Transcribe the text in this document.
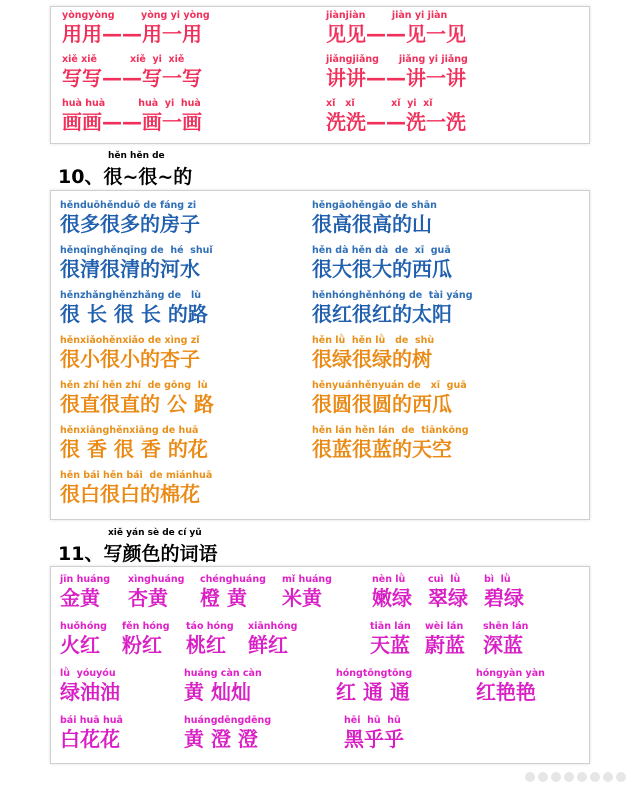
hěn hěn de
10、很~很~的
xiě yán sè de cí yǔ
11、写颜色的词语
yòngyòng        yòng yi yòng
用用——用一用
jiànjiàn        jiàn yi jiàn
见见——见一见
xiě xiě          xiě  yi  xiě
写写——写一写
jiǎngjiǎng      jiǎng yi jiǎng
讲讲——讲一讲
huà huà          huà  yi  huà
画画——画一画
xǐ   xǐ           xǐ  yi  xǐ
洗洗——洗一洗
hěnduōhěnduō de fáng zi
很多很多的房子
hěnqīnghěnqīng de  hé  shuǐ
很清很清的河水
hěnzhǎnghěnzhǎng de   lù
很 长 很 长 的路
hěnxiǎohěnxiǎo de xìng zǐ
很小很小的杏子
hěn zhí hěn zhí  de gōng  lù
很直很直的 公 路
hěnxiānghěnxiāng de huā
很 香 很 香 的花
hěn bái hěn bái  de miánhuā
很白很白的棉花
hěngāohěngāo de shān
很高很高的山
hěn dà hěn dà  de  xī  guā
很大很大的西瓜
hěnhónghěnhóng de  tài yáng
很红很红的太阳
hěn lǜ  hěn lǜ   de  shù
很绿很绿的树
hěnyuánhěnyuán de   xī  guā
很圆很圆的西瓜
hěn lán hěn lán  de  tiānkōng
很蓝很蓝的天空
jīn huáng
金黄
xìnghuáng
杏黄
chénghuáng
橙 黄
mǐ huáng
米黄
nèn lǜ
嫩绿
cuì  lǜ
翠绿
bì  lǜ
碧绿
huǒhóng
火红
fěn hóng
粉红
táo hóng
桃红
xiānhóng
鲜红
tiān lán
天蓝
wèi lán
蔚蓝
shēn lán
深蓝
lǜ  yóuyóu
绿油油
huáng càn càn
黄 灿灿
hóngtōngtōng
红 通 通
hóngyàn yàn
红艳艳
bái huā huā
白花花
huángdēngdēng
黄 澄 澄
hēi  hū  hū
黑乎乎
